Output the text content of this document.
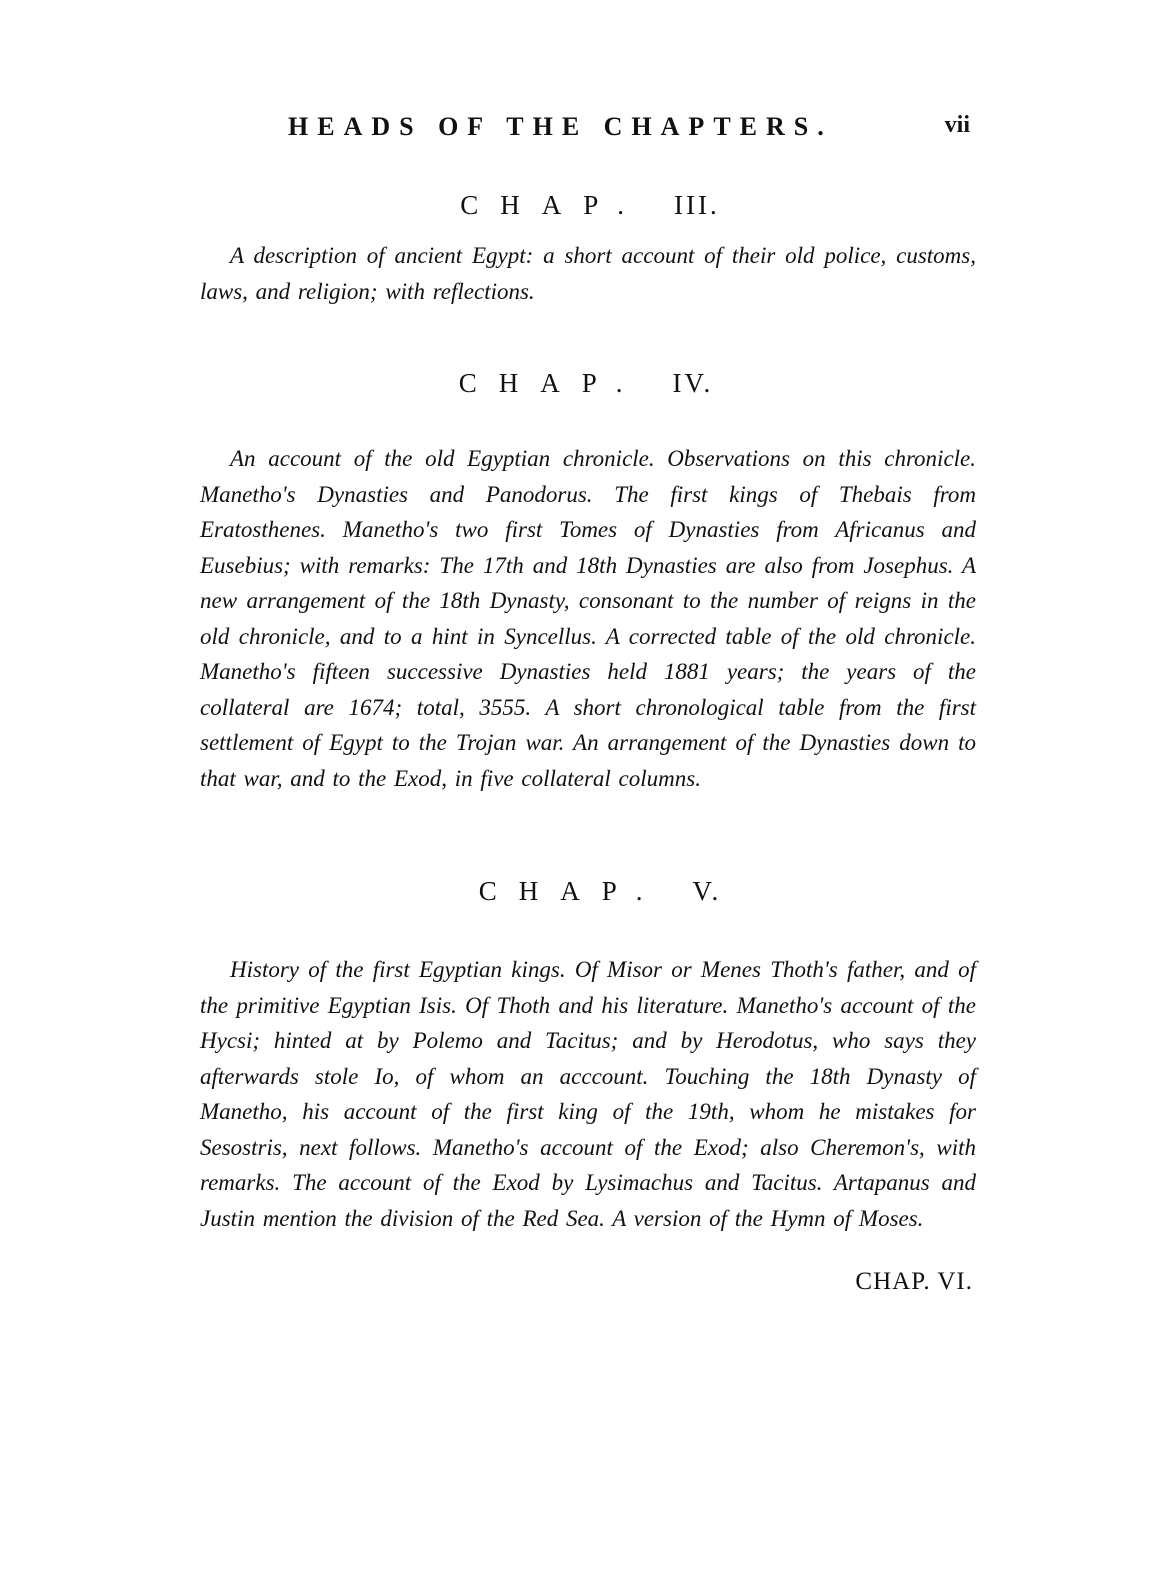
HEADS OF THE CHAPTERS.	vii
CHAP. III.

A description of ancient Egypt: a short account of their old police, customs, laws, and religion; with reflections.

CHAP. IV.

An account of the old Egyptian chronicle. Observations on this chronicle. Manetho's Dynasties and Panodorus. The first kings of Thebais from Eratosthenes. Manetho's two first Tomes of Dynasties from Africanus and Eusebius; with remarks: The 17th and 18th Dynasties are also from Josephus. A new arrangement of the 18th Dynasty, consonant to the number of reigns in the old chronicle, and to a hint in Syncellus. A corrected table of the old chronicle. Manetho's fifteen successive Dynasties held 1881 years; the years of the collateral are 1674; total, 3555. A short chronological table from the first settlement of Egypt to the Trojan war. An arrangement of the Dynasties down to that war, and to the Exod, in five collateral columns.

CHAP. V.

History of the first Egyptian kings. Of Misor or Menes Thoth's father, and of the primitive Egyptian Isis. Of Thoth and his literature. Manetho's account of the Hycsi; hinted at by Polemo and Tacitus; and by Herodotus, who says they afterwards stole Io, of whom an acccount. Touching the 18th Dynasty of Manetho, his account of the first king of the 19th, whom he mistakes for Sesostris, next follows. Manetho's account of the Exod; also Cheremon's, with remarks. The account of the Exod by Lysimachus and Tacitus. Artapanus and Justin mention the division of the Red Sea. A version of the Hymn of Moses.

CHAP. VI.
